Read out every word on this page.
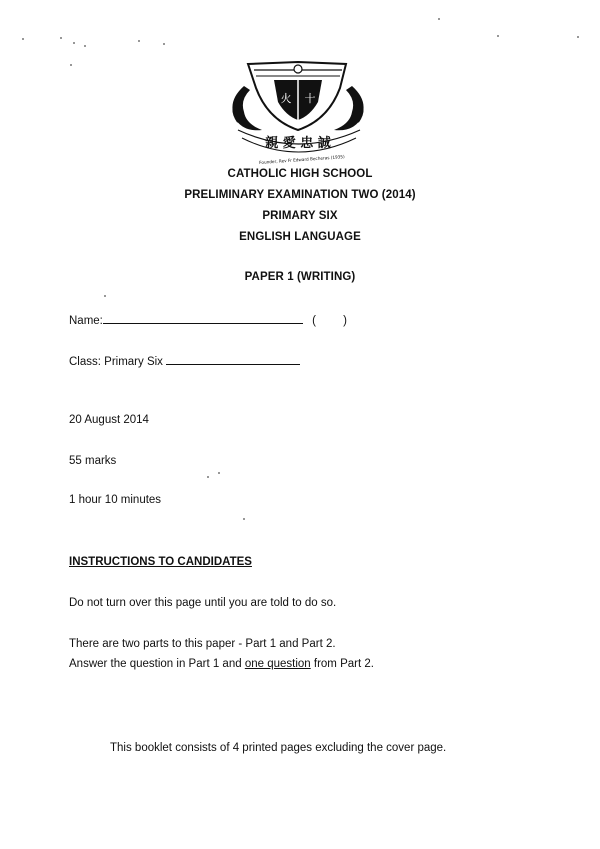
火 十
親 愛 忠 誠
Founder, Rev Fr Edward Becheras (1935)
CATHOLIC HIGH SCHOOL
PRELIMINARY EXAMINATION TWO (2014)
PRIMARY SIX
ENGLISH LANGUAGE
PAPER 1 (WRITING)
Name:	( )
Class: Primary Six
20 August 2014
55 marks
1 hour 10 minutes
INSTRUCTIONS TO CANDIDATES
Do not turn over this page until you are told to do so.
There are two parts to this paper - Part 1 and Part 2.
Answer the question in Part 1 and one question from Part 2.
This booklet consists of 4 printed pages excluding the cover page.
